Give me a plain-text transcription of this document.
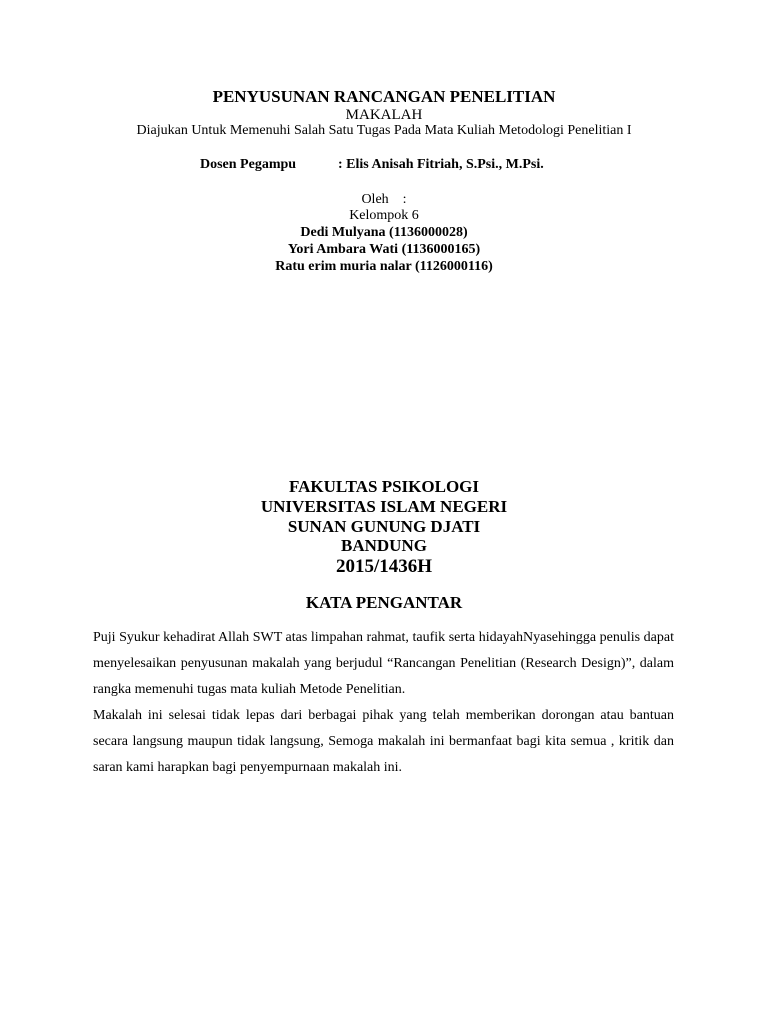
PENYUSUNAN RANCANGAN PENELITIAN
MAKALAH
Diajukan Untuk Memenuhi Salah Satu Tugas Pada Mata Kuliah Metodologi Penelitian I
Dosen Pegampu	: Elis Anisah Fitriah, S.Psi., M.Psi.
Oleh    :
Kelompok 6
Dedi Mulyana (1136000028)
Yori Ambara Wati (1136000165)
Ratu erim muria nalar (1126000116)
FAKULTAS PSIKOLOGI
UNIVERSITAS ISLAM NEGERI
SUNAN GUNUNG DJATI
BANDUNG
2015/1436H
KATA PENGANTAR

Puji Syukur kehadirat Allah SWT atas limpahan rahmat, taufik serta hidayahNyasehingga penulis dapat menyelesaikan penyusunan makalah yang berjudul “Rancangan Penelitian (Research Design)”, dalam rangka memenuhi tugas mata kuliah Metode Penelitian.

Makalah ini selesai tidak lepas dari berbagai pihak yang telah memberikan dorongan atau bantuan secara langsung maupun tidak langsung, Semoga makalah ini bermanfaat bagi kita semua , kritik dan saran kami harapkan bagi penyempurnaan makalah ini.
